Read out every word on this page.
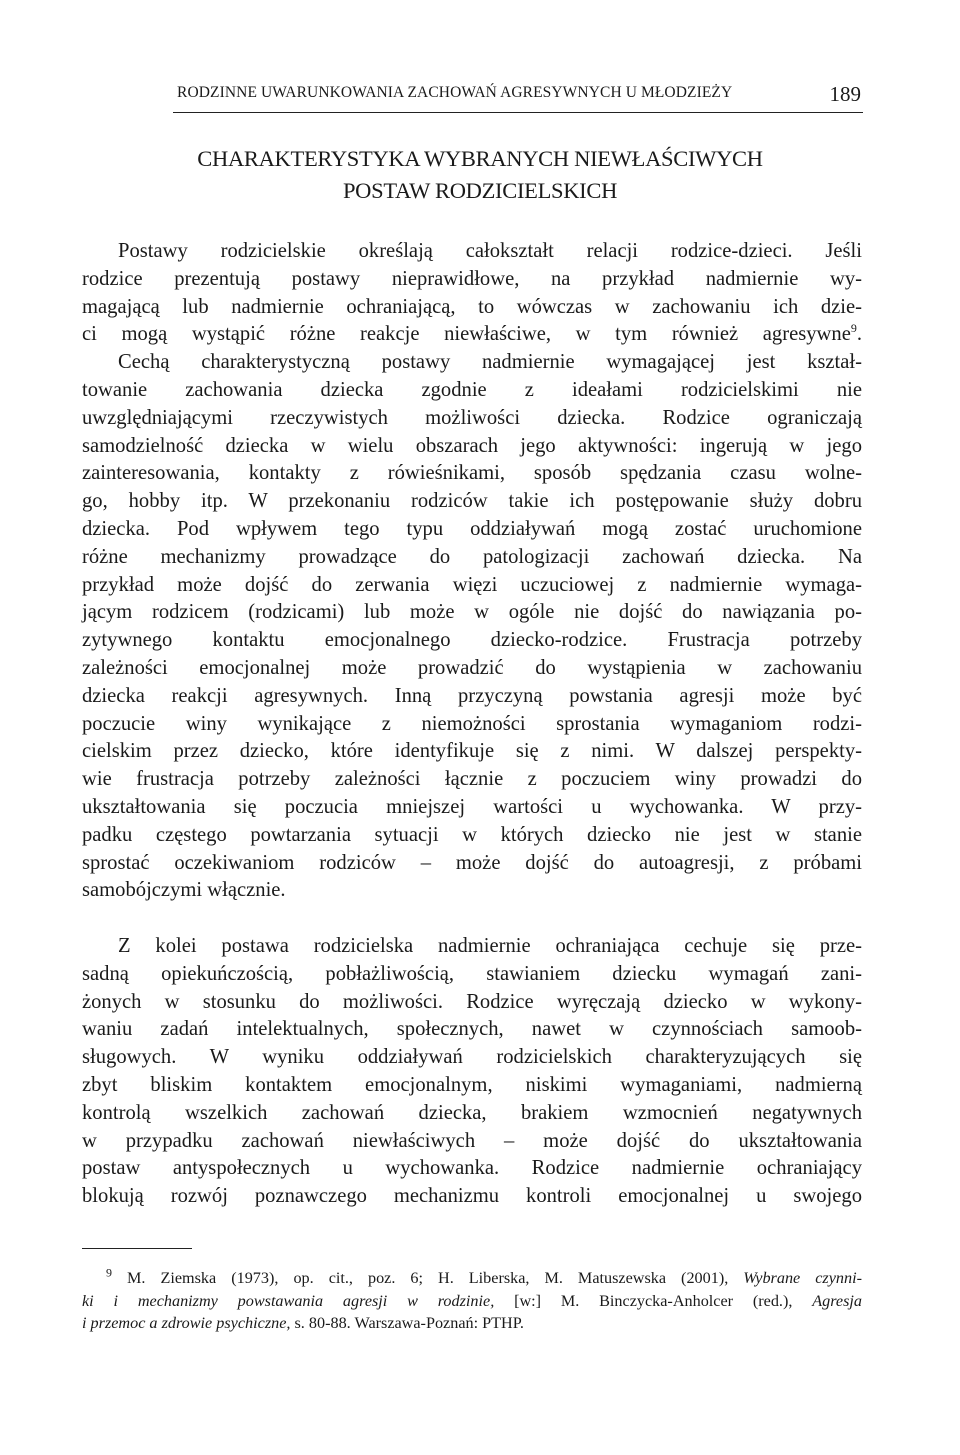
RODZINNE UWARUNKOWANIA ZACHOWAŃ AGRESYWNYCH U MŁODZIEŻY	189
CHARAKTERYSTYKA WYBRANYCH NIEWŁAŚCIWYCH
POSTAW RODZICIELSKICH
Postawy rodzicielskie określają całokształt relacji rodzice-dzieci. Jeśli
rodzice prezentują postawy nieprawidłowe, na przykład nadmiernie wy-
magającą lub nadmiernie ochraniającą, to wówczas w zachowaniu ich dzie-
ci mogą wystąpić różne reakcje niewłaściwe, w tym również agresywne$^9$.
Cechą charakterystyczną postawy nadmiernie wymagającej jest kształ-
towanie zachowania dziecka zgodnie z ideałami rodzicielskimi nie
uwzględniającymi rzeczywistych możliwości dziecka. Rodzice ograniczają
samodzielność dziecka w wielu obszarach jego aktywności: ingerują w jego
zainteresowania, kontakty z rówieśnikami, sposób spędzania czasu wolne-
go, hobby itp. W przekonaniu rodziców takie ich postępowanie służy dobru
dziecka. Pod wpływem tego typu oddziaływań mogą zostać uruchomione
różne mechanizmy prowadzące do patologizacji zachowań dziecka. Na
przykład może dojść do zerwania więzi uczuciowej z nadmiernie wymaga-
jącym rodzicem (rodzicami) lub może w ogóle nie dojść do nawiązania po-
zytywnego kontaktu emocjonalnego dziecko-rodzice. Frustracja potrzeby
zależności emocjonalnej może prowadzić do wystąpienia w zachowaniu
dziecka reakcji agresywnych. Inną przyczyną powstania agresji może być
poczucie winy wynikające z niemożności sprostania wymaganiom rodzi-
cielskim przez dziecko, które identyfikuje się z nimi. W dalszej perspekty-
wie frustracja potrzeby zależności łącznie z poczuciem winy prowadzi do
ukształtowania się poczucia mniejszej wartości u wychowanka. W przy-
padku częstego powtarzania sytuacji w których dziecko nie jest w stanie
sprostać oczekiwaniom rodziców – może dojść do autoagresji, z próbami
samobójczymi włącznie.
Z kolei postawa rodzicielska nadmiernie ochraniająca cechuje się prze-
sadną opiekuńczością, pobłażliwością, stawianiem dziecku wymagań zani-
żonych w stosunku do możliwości. Rodzice wyręczają dziecko w wykony-
waniu zadań intelektualnych, społecznych, nawet w czynnościach samoob-
sługowych. W wyniku oddziaływań rodzicielskich charakteryzujących się
zbyt bliskim kontaktem emocjonalnym, niskimi wymaganiami, nadmierną
kontrolą wszelkich zachowań dziecka, brakiem wzmocnień negatywnych
w przypadku zachowań niewłaściwych – może dojść do ukształtowania
postaw antyspołecznych u wychowanka. Rodzice nadmiernie ochraniający
blokują rozwój poznawczego mechanizmu kontroli emocjonalnej u swojego
$^9$ M. Ziemska (1973), op. cit., poz. 6; H. Liberska, M. Matuszewska (2001), Wybrane czynni-
ki i mechanizmy powstawania agresji w rodzinie, [w:] M. Binczycka-Anholcer (red.), Agresja
i przemoc a zdrowie psychiczne, s. 80-88. Warszawa-Poznań: PTHP.
